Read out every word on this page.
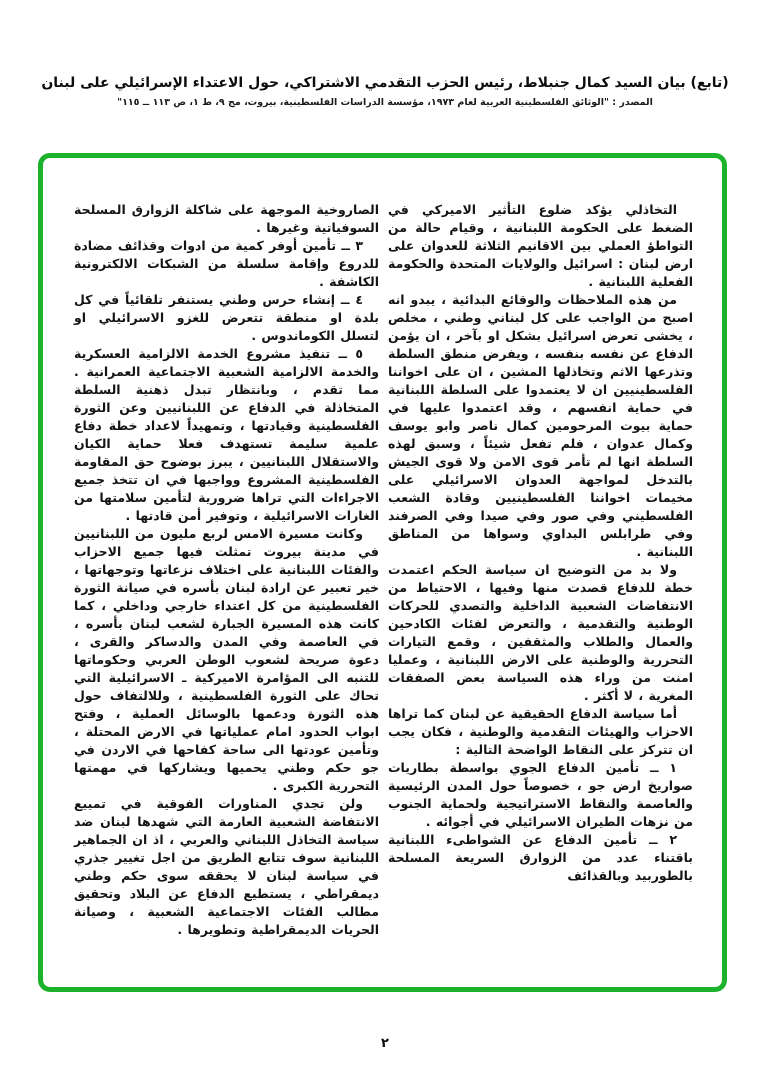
(تابع) بيان السيد كمال جنبلاط، رئيس الحزب التقدمي الاشتراكي، حول الاعتداء الإسرائيلي على لبنان
المصدر : "الوثائق الفلسطينية العربية لعام ١٩٧٣، مؤسسة الدراسات الفلسطينية، بيروت، مج ٩، ط ١، ص ١١٣ ــ ١١٥"

التخاذلي يؤكد ضلوع التأثير الاميركي في الضغط على الحكومة اللبنانية ، وقيام حالة من التواطؤ العملي بين الاقانيم الثلاثة للعدوان على ارض لبنان : اسرائيل والولايات المتحدة والحكومة الفعلية اللبنانية .

من هذه الملاحظات والوقائع البدائية ، يبدو انه اصبح من الواجب على كل لبناني وطني ، مخلص ، يخشى تعرض اسرائيل بشكل او بآخر ، ان يؤمن الدفاع عن نفسه بنفسه ، ويفرض منطق السلطة وتذرعها الاثم وتخاذلها المشين ، ان على اخواننا الفلسطينيين ان لا يعتمدوا على السلطة اللبنانية في حماية انفسهم ، وقد اعتمدوا عليها في حماية بيوت المرحومين كمال ناصر وابو يوسف وكمال عدوان ، فلم تفعل شيئاً ، وسبق لهذه السلطة انها لم تأمر قوى الامن ولا قوى الجيش بالتدخل لمواجهة العدوان الاسرائيلي على مخيمات اخواننا الفلسطينيين وقادة الشعب الفلسطيني وفي صور وفي صيدا وفي الصرفند وفي طرابلس البداوي وسواها من المناطق اللبنانية .

ولا بد من التوضيح ان سياسة الحكم اعتمدت خطة للدفاع قصدت منها وفيها ، الاحتياط من الانتفاضات الشعبية الداخلية والتصدي للحركات الوطنية والتقدمية ، والتعرض لفئات الكادحين والعمال والطلاب والمثقفين ، وقمع التيارات التحررية والوطنية على الارض اللبنانية ، وعمليا امنت من وراء هذه السياسة بعض الصفقات المغرية ، لا أكثر .

أما سياسة الدفاع الحقيقية عن لبنان كما تراها الاحزاب والهيئات التقدمية والوطنية ، فكان يجب ان تتركز على النقاط الواضحة التالية :

١ ــ تأمين الدفاع الجوي بواسطة بطاريات صواريخ ارض جو ، خصوصاً حول المدن الرئيسية والعاصمة والنقاط الاستراتيجية ولحماية الجنوب من نزهات الطيران الاسرائيلي في أجوائه .

٢ ــ تأمين الدفاع عن الشواطىء اللبنانية باقتناء عدد من الزوارق السريعة المسلحة بالطوربيد وبالقذائف

الصاروخية الموجهة على شاكلة الزوارق المسلحة السوفياتية وغيرها .

٣ ــ تأمين أوفر كمية من ادوات وقذائف مضادة للدروع وإقامة سلسلة من الشبكات الالكترونية الكاشفة .

٤ ــ إنشاء حرس وطني يستنفر تلقائياً في كل بلدة او منطقة تتعرض للغزو الاسرائيلي او لتسلل الكوماندوس .

٥ ــ تنفيذ مشروع الخدمة الالزامية العسكرية والخدمة الالزامية الشعبية الاجتماعية العمرانية . مما تقدم ، وبانتظار تبدل ذهنية السلطة المتخاذلة في الدفاع عن اللبنانيين وعن الثورة الفلسطينية وقيادتها ، وتمهيداً لاعداد خطة دفاع علمية سليمة تستهدف فعلا حماية الكيان والاستقلال اللبنانيين ، يبرز بوضوح حق المقاومة الفلسطينية المشروع وواجبها في ان تتخذ جميع الاجراءات التي تراها ضرورية لتأمين سلامتها من الغارات الاسرائيلية ، وتوفير أمن قادتها .

وكانت مسيرة الامس لربع مليون من اللبنانيين في مدينة بيروت تمثلت فيها جميع الاحزاب والفئات اللبنانية على اختلاف نزعاتها وتوجهاتها ، خير تعبير عن ارادة لبنان بأسره في صيانة الثورة الفلسطينية من كل اعتداء خارجي وداخلي ، كما كانت هذه المسيرة الجبارة لشعب لبنان بأسره ، في العاصمة وفي المدن والدساكر والقرى ، دعوة صريحة لشعوب الوطن العربي وحكوماتها للتنبه الى المؤامرة الاميركية ـ الاسرائيلية التي تحاك على الثورة الفلسطينية ، وللالتفاف حول هذه الثورة ودعمها بالوسائل العملية ، وفتح ابواب الحدود امام عملياتها في الارض المحتلة ، وتأمين عودتها الى ساحة كفاحها في الاردن في جو حكم وطني يحميها ويشاركها في مهمتها التحررية الكبرى .

ولن تجدي المناورات الفوقية في تمييع الانتفاضة الشعبية العارمة التي شهدها لبنان ضد سياسة التخاذل اللبناني والعربي ، اذ ان الجماهير اللبنانية سوف تتابع الطريق من اجل تغيير جذري في سياسة لبنان لا يحققه سوى حكم وطني ديمقراطي ، يستطيع الدفاع عن البلاد وتحقيق مطالب الفئات الاجتماعية الشعبية ، وصيانة الحريات الديمقراطية وتطويرها .

٢
